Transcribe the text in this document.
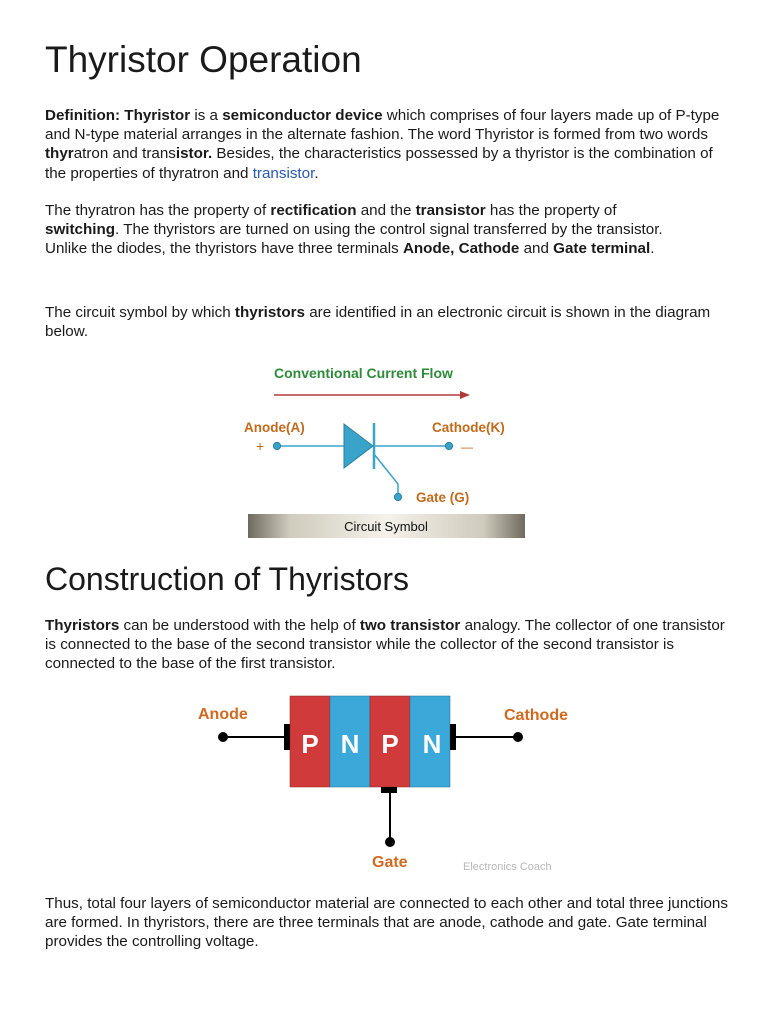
Thyristor Operation

Definition: Thyristor is a semiconductor device which comprises of four layers made up of P-type and N-type material arranges in the alternate fashion. The word Thyristor is formed from two words thyratron and transistor. Besides, the characteristics possessed by a thyristor is the combination of the properties of thyratron and transistor.

The thyratron has the property of rectification and the transistor has the property of switching. The thyristors are turned on using the control signal transferred by the transistor. Unlike the diodes, the thyristors have three terminals Anode, Cathode and Gate terminal.

The circuit symbol by which thyristors are identified in an electronic circuit is shown in the diagram below.

Construction of Thyristors

Thyristors can be understood with the help of two transistor analogy. The collector of one transistor is connected to the base of the second transistor while the collector of the second transistor is connected to the base of the first transistor.

Thus, total four layers of semiconductor material are connected to each other and total three junctions are formed. In thyristors, there are three terminals that are anode, cathode and gate. Gate terminal provides the controlling voltage.

Conventional Current Flow
Anode(A)	Cathode(K)
+	—
Gate (G)
Circuit Symbol
Anode	Cathode
P N P N
Gate	Electronics Coach
